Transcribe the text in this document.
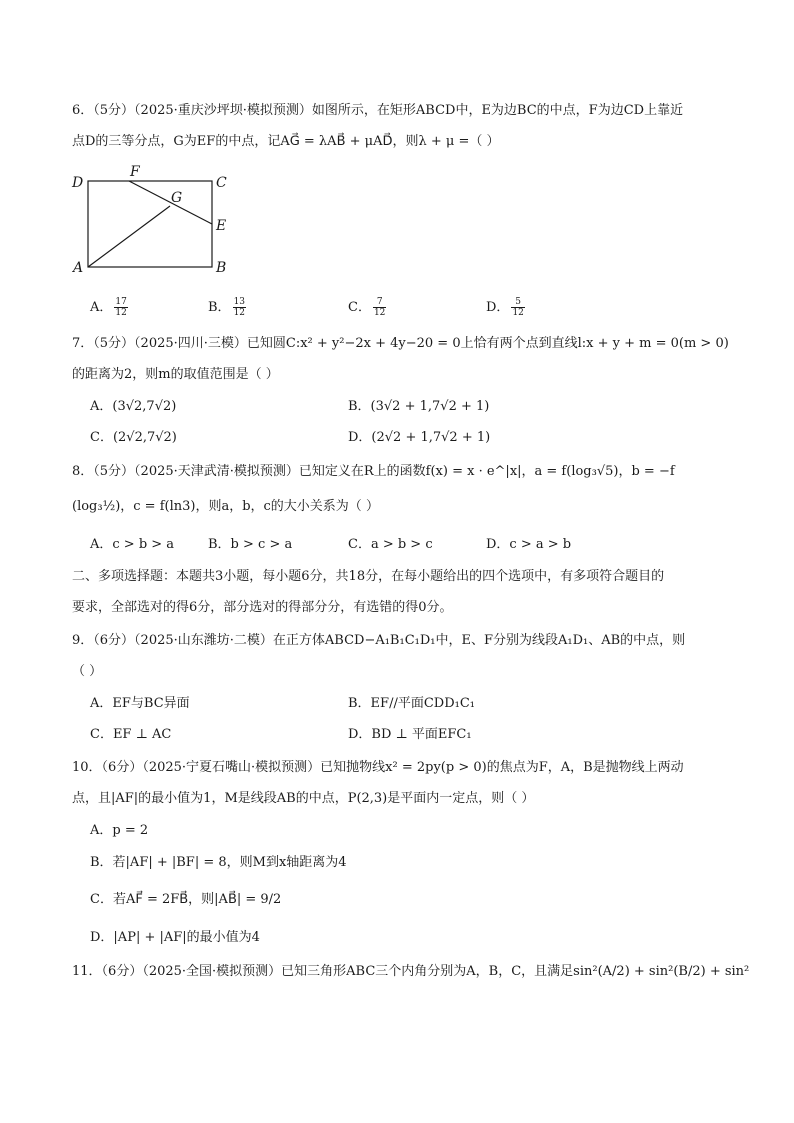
6．（5分）（2025·重庆沙坪坝·模拟预测）如图所示，在矩形ABCD中，E为边BC的中点，F为边CD上靠近
点D的三等分点，G为EF的中点，记AG⃗ = λAB⃗ + μAD⃗，则λ + μ =（ ）
D
F
C
G
E
A	B
A． $\frac{17}{12}$	B． $\frac{13}{12}$	C． $\frac{7}{12}$	D． $\frac{5}{12}$
7．（5分）（2025·四川·三模）已知圆C:x² + y²−2x + 4y−20 = 0上恰有两个点到直线l:x + y + m = 0(m > 0)
的距离为2，则m的取值范围是（ ）
A．(3√2,7√2)	B．(3√2 + 1,7√2 + 1)
C．(2√2,7√2)	D．(2√2 + 1,7√2 + 1)
8．（5分）（2025·天津武清·模拟预测）已知定义在R上的函数f(x) = x · e^|x|，a = f(log₃√5)，b = −f
(log₃½)，c = f(ln3)，则a，b，c的大小关系为（ ）
A．c > b > a	B．b > c > a	C．a > b > c	D．c > a > b
二、多项选择题：本题共3小题，每小题6分，共18分，在每小题给出的四个选项中，有多项符合题目的
要求，全部选对的得6分，部分选对的得部分分，有选错的得0分。
9．（6分）（2025·山东潍坊·二模）在正方体ABCD−A₁B₁C₁D₁中，E、F分别为线段A₁D₁、AB的中点，则
（ ）
A．EF与BC异面	B．EF//平面CDD₁C₁
C．EF ⊥ AC	D．BD ⊥ 平面EFC₁
10．（6分）（2025·宁夏石嘴山·模拟预测）已知抛物线x² = 2py(p > 0)的焦点为F，A，B是抛物线上两动
点，且|AF|的最小值为1，M是线段AB的中点，P(2,3)是平面内一定点，则（ ）
A．p = 2
B．若|AF| + |BF| = 8，则M到x轴距离为4
C．若AF⃗ = 2FB⃗，则|AB⃗| = 9/2
D．|AP| + |AF|的最小值为4
11．（6分）（2025·全国·模拟预测）已知三角形ABC三个内角分别为A，B，C，且满足sin²(A/2) + sin²(B/2) + sin²
